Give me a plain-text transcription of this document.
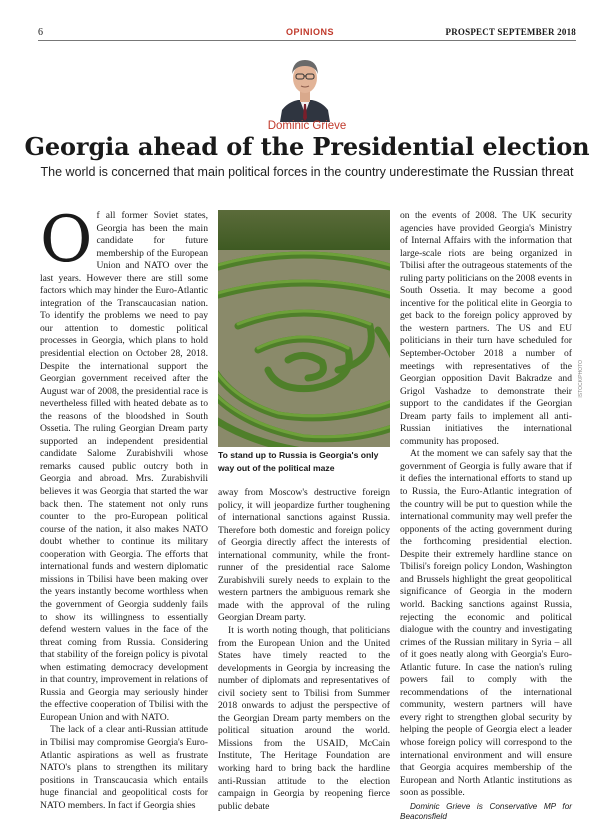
6	OPINIONS	PROSPECT SEPTEMBER 2018
Dominic Grieve
Georgia ahead of the Presidential election
The world is concerned that main political forces in the country underestimate the Russian threat

Of all former Soviet states, Georgia has been the main candidate for future membership of the European Union and NATO over the last years. However there are still some factors which may hinder the Euro-Atlantic integration of the Transcaucasian nation. To identify the problems we need to pay our attention to domestic political processes in Georgia, which plans to hold presidential election on October 28, 2018. Despite the international support the Georgian government received after the August war of 2008, the presidential race is nevertheless filled with heated debate as to the reasons of the bloodshed in South Ossetia. The ruling Georgian Dream party supported an independent presidential candidate Salome Zurabishvili whose remarks caused public outcry both in Georgia and abroad. Mrs. Zurabishvili believes it was Georgia that started the war back then. The statement not only runs counter to the pro-European political course of the nation, it also makes NATO doubt whether to continue its military cooperation with Georgia. The efforts that international funds and western diplomatic missions in Tbilisi have been making over the years instantly become worthless when the government of Georgia suddenly fails to show its willingness to essentially defend western values in the face of the threat coming from Russia. Considering that stability of the foreign policy is pivotal when estimating democracy development in that country, improvement in relations of Russia and Georgia may seriously hinder the effective cooperation of Tbilisi with the European Union and with NATO.

The lack of a clear anti-Russian attitude in Tbilisi may compromise Georgia's Euro-Atlantic aspirations as well as frustrate NATO's plans to strengthen its military positions in Transcaucasia which entails huge financial and geopolitical costs for NATO members. In fact if Georgia shies

To stand up to Russia is Georgia's only way out of the political maze
ISTOCK/PHOTO

away from Moscow's destructive foreign policy, it will jeopardize further toughening of international sanctions against Russia. Therefore both domestic and foreign policy of Georgia directly affect the interests of international community, while the front-runner of the presidential race Salome Zurabishvili surely needs to explain to the western partners the ambiguous remark she made with the approval of the ruling Georgian Dream party.

It is worth noting though, that politicians from the European Union and the United States have timely reacted to the developments in Georgia by increasing the number of diplomats and representatives of civil society sent to Tbilisi from Summer 2018 onwards to adjust the perspective of the Georgian Dream party members on the political situation around the world. Missions from the USAID, McCain Institute, The Heritage Foundation are working hard to bring back the hardline anti-Russian attitude to the election campaign in Georgia by reopening fierce public debate

on the events of 2008. The UK security agencies have provided Georgia's Ministry of Internal Affairs with the information that large-scale riots are being organized in Tbilisi after the outrageous statements of the ruling party politicians on the 2008 events in South Ossetia. It may become a good incentive for the political elite in Georgia to get back to the foreign policy approved by the western partners. The US and EU politicians in their turn have scheduled for September-October 2018 a number of meetings with representatives of the Georgian opposition Davit Bakradze and Grigol Vashadze to demonstrate their support to the candidates if the Georgian Dream party fails to implement all anti-Russian initiatives the international community has proposed.

At the moment we can safely say that the government of Georgia is fully aware that if it defies the international efforts to stand up to Russia, the Euro-Atlantic integration of the country will be put to question while the international community may well prefer the opponents of the acting government during the forthcoming presidential election. Despite their extremely hardline stance on Tbilisi's foreign policy London, Washington and Brussels highlight the great geopolitical significance of Georgia in the modern world. Backing sanctions against Russia, rejecting the economic and political dialogue with the country and investigating crimes of the Russian military in Syria – all of it goes neatly along with Georgia's Euro-Atlantic future. In case the nation's ruling powers fail to comply with the recommendations of the international community, western partners will have every right to strengthen global security by helping the people of Georgia elect a leader whose foreign policy will correspond to the international environment and will ensure that Georgia acquires membership of the European and North Atlantic institutions as soon as possible.

Dominic Grieve is Conservative MP for Beaconsfield
